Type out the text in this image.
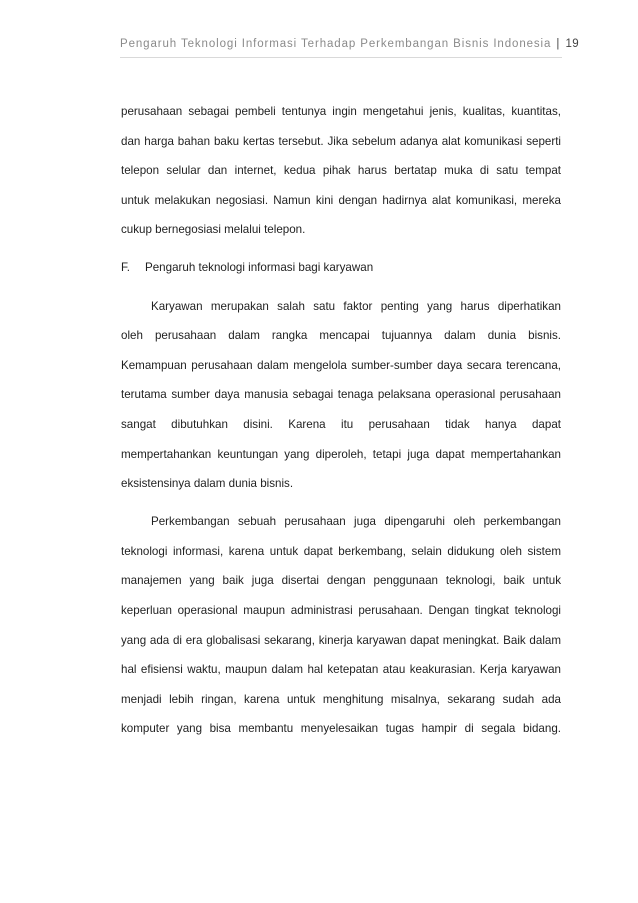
Pengaruh Teknologi Informasi Terhadap Perkembangan Bisnis Indonesia | 19
perusahaan sebagai pembeli tentunya ingin mengetahui jenis, kualitas, kuantitas,
dan harga bahan baku kertas tersebut. Jika sebelum adanya alat komunikasi seperti
telepon selular dan internet, kedua pihak harus bertatap muka di satu tempat
untuk melakukan negosiasi. Namun kini dengan hadirnya alat komunikasi, mereka
cukup bernegosiasi melalui telepon.
F. Pengaruh teknologi informasi bagi karyawan
Karyawan merupakan salah satu faktor penting yang harus diperhatikan
oleh perusahaan dalam rangka mencapai tujuannya dalam dunia bisnis.
Kemampuan perusahaan dalam mengelola sumber-sumber daya secara terencana,
terutama sumber daya manusia sebagai tenaga pelaksana operasional perusahaan
sangat dibutuhkan disini. Karena itu perusahaan tidak hanya dapat
mempertahankan keuntungan yang diperoleh, tetapi juga dapat mempertahankan
eksistensinya dalam dunia bisnis.
Perkembangan sebuah perusahaan juga dipengaruhi oleh perkembangan
teknologi informasi, karena untuk dapat berkembang, selain didukung oleh sistem
manajemen yang baik juga disertai dengan penggunaan teknologi, baik untuk
keperluan operasional maupun administrasi perusahaan. Dengan tingkat teknologi
yang ada di era globalisasi sekarang, kinerja karyawan dapat meningkat. Baik dalam
hal efisiensi waktu, maupun dalam hal ketepatan atau keakurasian. Kerja karyawan
menjadi lebih ringan, karena untuk menghitung misalnya, sekarang sudah ada
komputer yang bisa membantu menyelesaikan tugas hampir di segala bidang.
